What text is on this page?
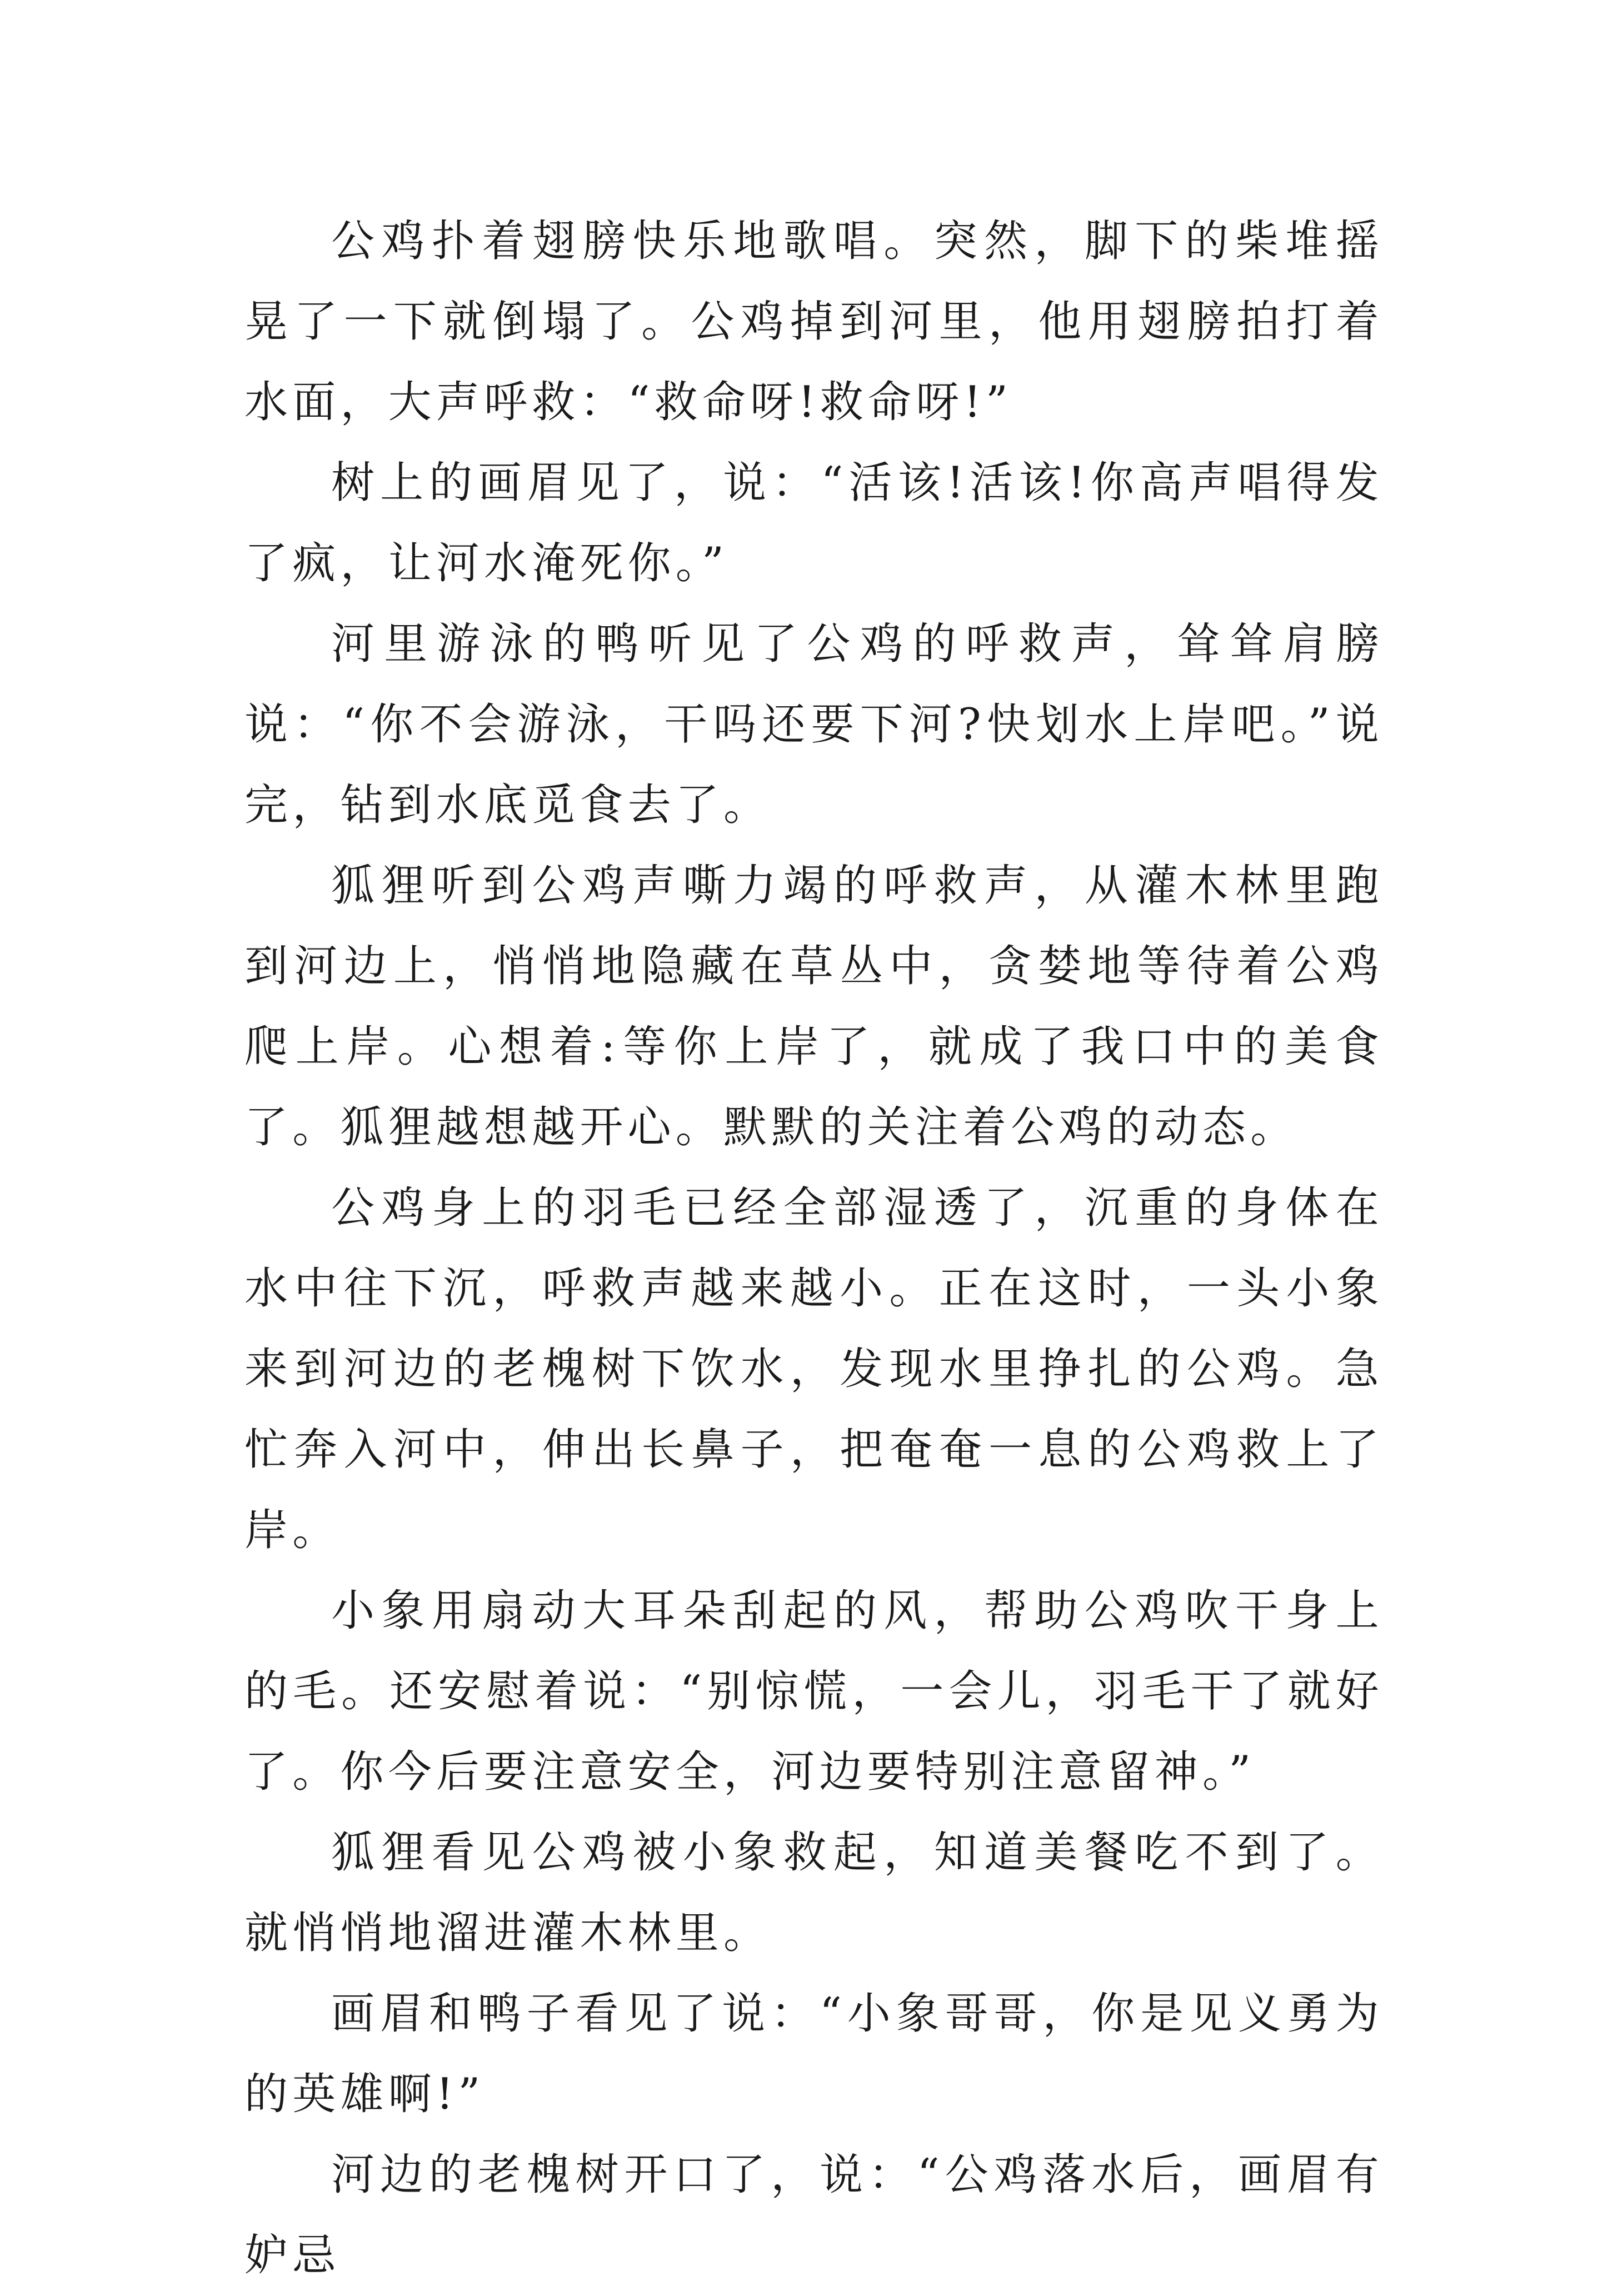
公鸡扑着翅膀快乐地歌唱。突然，脚下的柴堆摇晃了一下就倒塌了。公鸡掉到河里，他用翅膀拍打着水面，大声呼救：“救命呀!救命呀!”

树上的画眉见了，说：“活该!活该!你高声唱得发了疯，让河水淹死你。”

河里游泳的鸭听见了公鸡的呼救声，耸耸肩膀说：“你不会游泳，干吗还要下河?快划水上岸吧。”说完，钻到水底觅食去了。

狐狸听到公鸡声嘶力竭的呼救声，从灌木林里跑到河边上，悄悄地隐藏在草丛中，贪婪地等待着公鸡爬上岸。心想着:等你上岸了，就成了我口中的美食了。狐狸越想越开心。默默的关注着公鸡的动态。

公鸡身上的羽毛已经全部湿透了，沉重的身体在水中往下沉，呼救声越来越小。正在这时，一头小象来到河边的老槐树下饮水，发现水里挣扎的公鸡。急忙奔入河中，伸出长鼻子，把奄奄一息的公鸡救上了岸。

小象用扇动大耳朵刮起的风，帮助公鸡吹干身上的毛。还安慰着说：“别惊慌，一会儿，羽毛干了就好了。你今后要注意安全，河边要特别注意留神。”

狐狸看见公鸡被小象救起，知道美餐吃不到了。就悄悄地溜进灌木林里。

画眉和鸭子看见了说：“小象哥哥，你是见义勇为的英雄啊!”

河边的老槐树开口了，说：“公鸡落水后，画眉有妒忌
